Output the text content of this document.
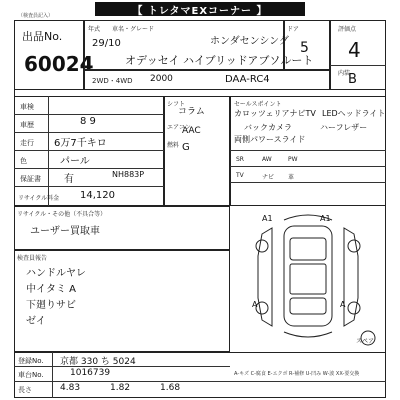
【 トレタマEXコーナー 】
（検査員記入）
出品No.
60024
年式 車名・グレード
29/10	ホンダセンシング
オデッセイ ハイブリッドアブソルート
ドア
5
評価点
4
内装
B
2WD・4WD 2000	DAA-RC4
車検
車歴	8 9
走行 6万7千キロ
色	パール
保証書 有
リサイクル料金 14,120
NH883P
シフト
コラム
エアコン
AAC
燃料 G
セールスポイント
カロッツェリアナビTV LEDヘッドライト
バックカメラ	ハーフレザー
両側パワースライド
SR	AW	PW
TV	ナビ 革
リサイクル・その他（不具合等）
ユーザー買取車
検査員報告
ハンドルヤレ
中イタミ A
下廻りサビ
ゼイ
A1	A1
A	A
スペア
登録No. 京都 330 ち 5024
車台No.	1016739
長さ	4.83	1.82	1.68
A-キズ C-腐食 E-エクボ R-補修 U-凹み W-波 XX-要交換
